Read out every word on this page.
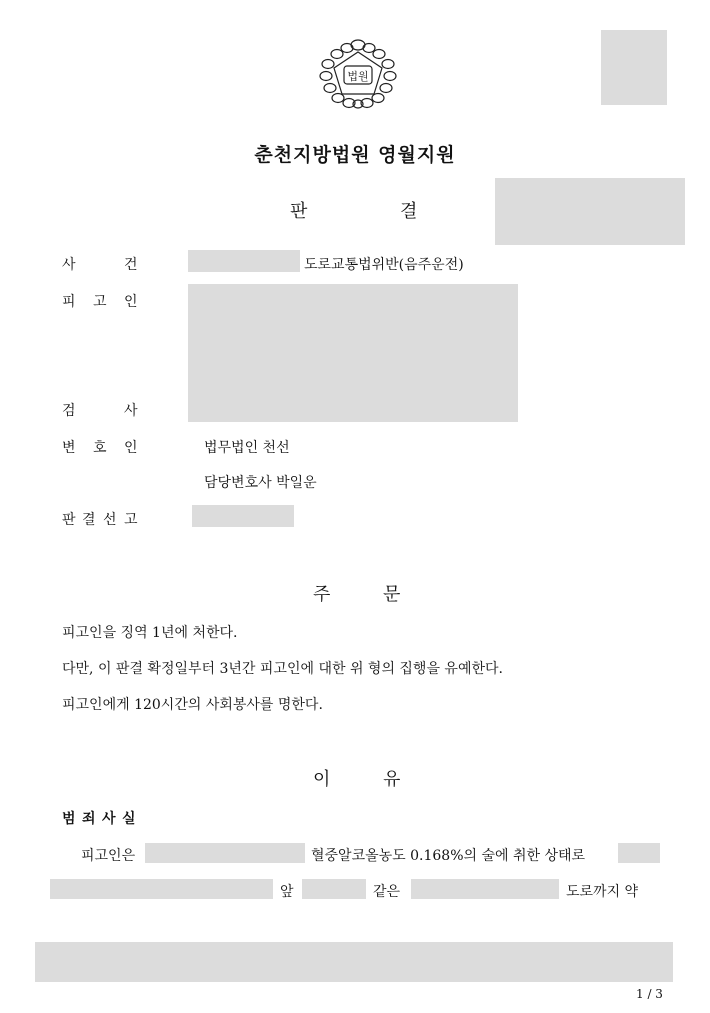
법원
춘천지방법원 영월지원
판	결
사	건	도로교통법위반(음주운전)
피 고 인
검	사
변 호 인	법무법인 천선
담당변호사 박일운
판 결 선 고
주	문
피고인을 징역 1년에 처한다.
다만, 이 판결 확정일부터 3년간 피고인에 대한 위 형의 집행을 유예한다.
피고인에게 120시간의 사회봉사를 명한다.
이	유
범 죄 사 실
피고인은	혈중알코올농도 0.168%의 술에 취한 상태로
앞	같은	도로까지 약
1 / 3
